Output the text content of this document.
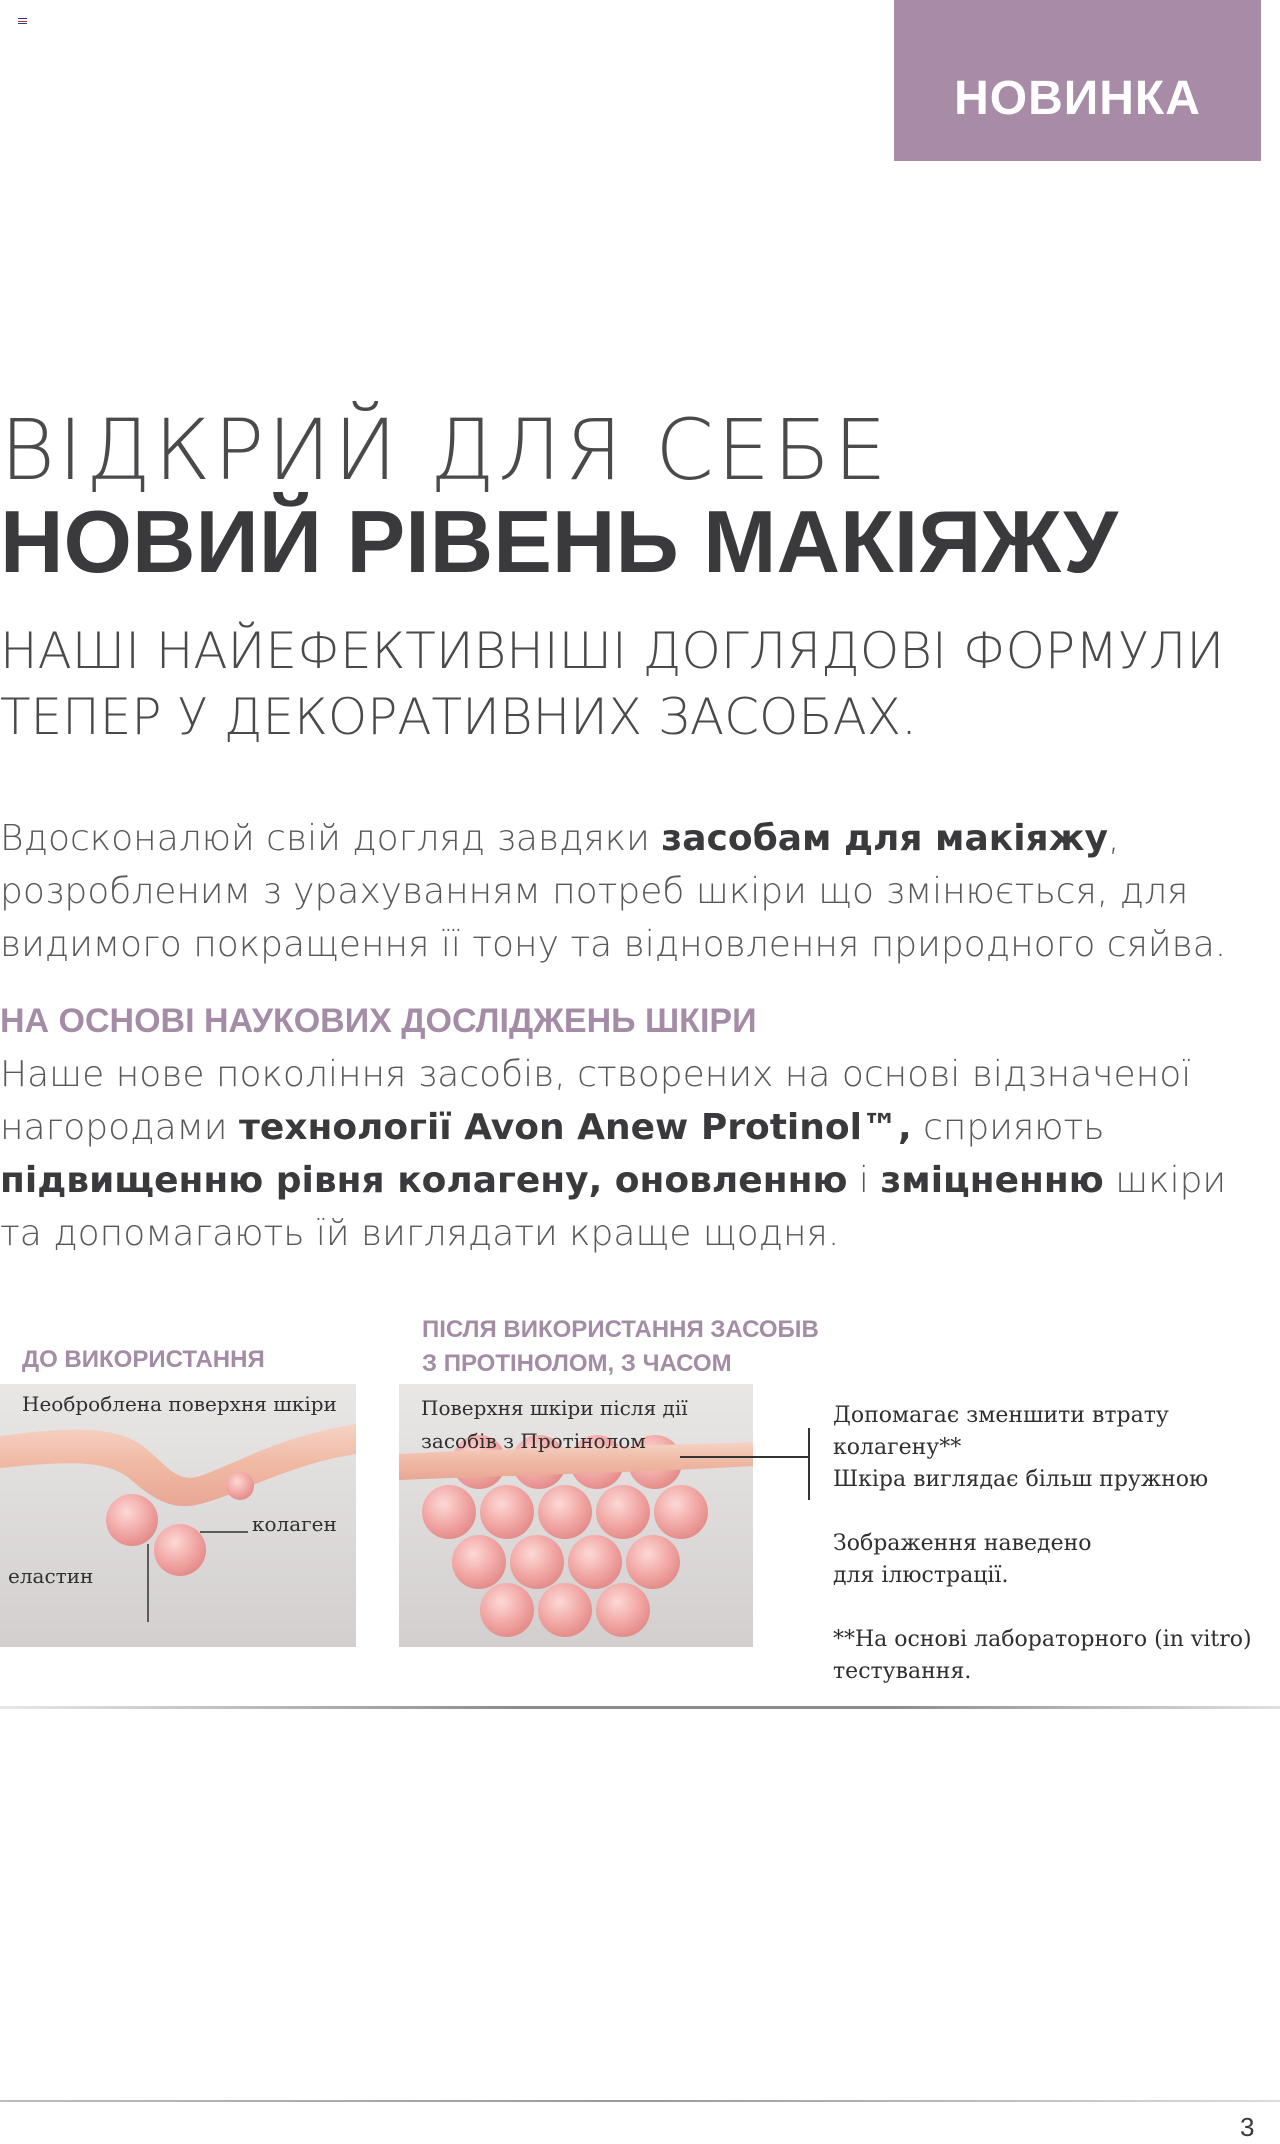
НОВИНКА
ВІДКРИЙ ДЛЯ СЕБЕ
НОВИЙ РІВЕНЬ МАКІЯЖУ
НАШІ НАЙЕФЕКТИВНІШІ ДОГЛЯДОВІ ФОРМУЛИ
ТЕПЕР У ДЕКОРАТИВНИХ ЗАСОБАХ.
Вдосконалюй свій догляд завдяки засобам для макіяжу,
розробленим з урахуванням потреб шкіри що змінюється, для
видимого покращення її тону та відновлення природного сяйва.
НА ОСНОВІ НАУКОВИХ ДОСЛІДЖЕНЬ ШКІРИ
Наше нове покоління засобів, створених на основі відзначеної
нагородами технології Avon Anew Protinol™, сприяють
підвищенню рівня колагену, оновленню і зміцненню шкіри
та допомагають їй виглядати краще щодня.
ДО ВИКОРИСТАННЯ
ПІСЛЯ ВИКОРИСТАННЯ ЗАСОБІВ
З ПРОТІНОЛОМ, З ЧАСОМ
Необроблена поверхня шкіри
колаген
еластин
Поверхня шкіри після дії
засобів з Протінолом

Допомагає зменшити втрату
колагену**
Шкіра виглядає більш пружною

Зображення наведено
для ілюстрації.

**На основі лабораторного (in vitro)
тестування.

3
